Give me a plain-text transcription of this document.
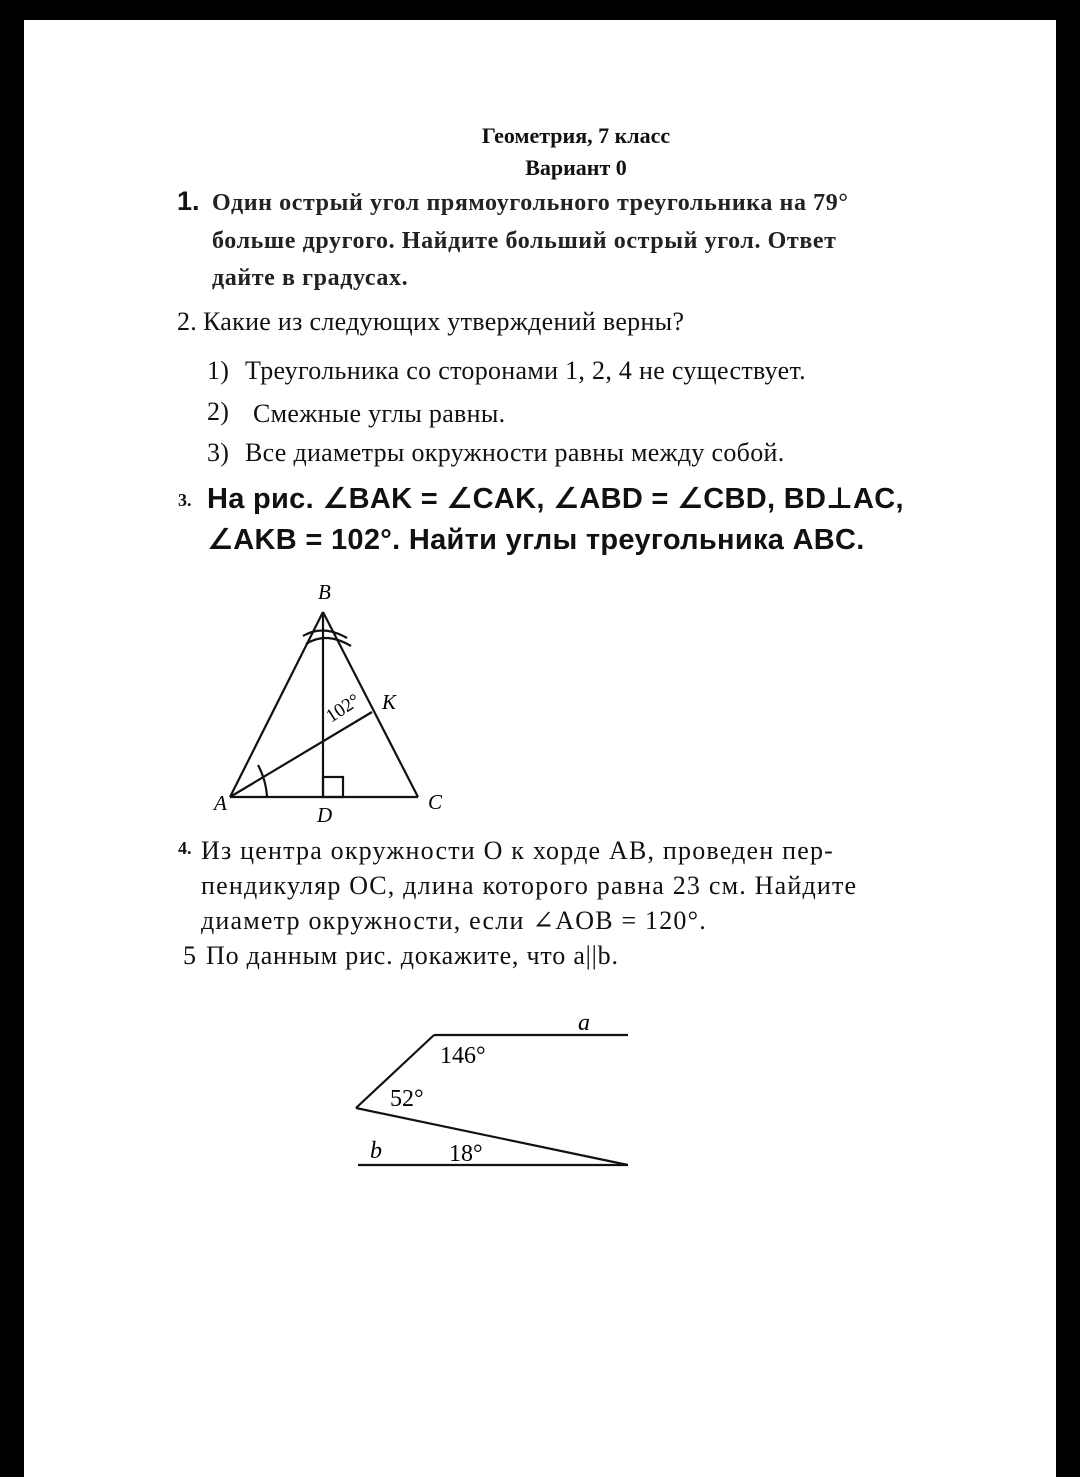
Геометрия, 7 класс
Вариант 0
1. Один острый угол прямоугольного треугольника на 79°
больше другого. Найдите больший острый угол. Ответ
дайте в градусах.
2. Какие из следующих утверждений верны?
1) Треугольника со сторонами 1, 2, 4 не существует.
2) Смежные углы равны.
3) Все диаметры окружности равны между собой.
3. На рис. ∠BAK = ∠CAK, ∠ABD = ∠CBD, BD⊥AC,
∠AKB = 102°. Найти углы треугольника ABC.
B
A	C
D
K
102°
4. Из центра окружности O к хорде AB, проведен пер-
пендикуляр OC, длина которого равна 23 см. Найдите
диаметр окружности, если ∠AOB = 120°.
5 По данным рис. докажите, что a||b.
a
b
146°
52°
18°
